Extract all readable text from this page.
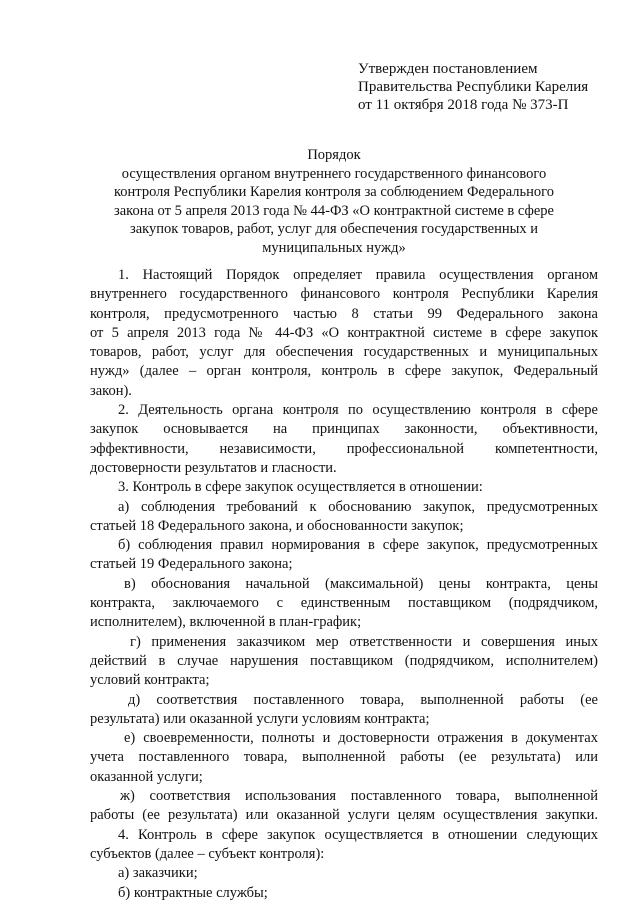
Утвержден постановлением
Правительства Республики Карелия
от 11 октября 2018 года № 373-П
Порядок
осуществления органом внутреннего государственного финансового
контроля Республики Карелия контроля за соблюдением Федерального
закона от 5 апреля 2013 года № 44-ФЗ «О контрактной системе в сфере
закупок товаров, работ, услуг для обеспечения государственных и
муниципальных нужд»
1. Настоящий Порядок определяет правила осуществления органом
внутреннего государственного финансового контроля Республики Карелия
контроля, предусмотренного частью 8 статьи 99 Федерального закона
от 5 апреля 2013 года № 44-ФЗ «О контрактной системе в сфере закупок
товаров, работ, услуг для обеспечения государственных и муниципальных
нужд» (далее – орган контроля, контроль в сфере закупок, Федеральный
закон).
2. Деятельность органа контроля по осуществлению контроля в сфере
закупок основывается на принципах законности, объективности,
эффективности, независимости, профессиональной компетентности,
достоверности результатов и гласности.
3. Контроль в сфере закупок осуществляется в отношении:
а) соблюдения требований к обоснованию закупок, предусмотренных
статьей 18 Федерального закона, и обоснованности закупок;
б) соблюдения правил нормирования в сфере закупок, предусмотренных
статьей 19 Федерального закона;
в) обоснования начальной (максимальной) цены контракта, цены
контракта, заключаемого с единственным поставщиком (подрядчиком,
исполнителем), включенной в план-график;
г) применения заказчиком мер ответственности и совершения иных
действий в случае нарушения поставщиком (подрядчиком, исполнителем)
условий контракта;
д) соответствия поставленного товара, выполненной работы (ее
результата) или оказанной услуги условиям контракта;
е) своевременности, полноты и достоверности отражения в документах
учета поставленного товара, выполненной работы (ее результата) или
оказанной услуги;
ж) соответствия использования поставленного товара, выполненной
работы (ее результата) или оказанной услуги целям осуществления закупки.
4. Контроль в сфере закупок осуществляется в отношении следующих
субъектов (далее – субъект контроля):
а) заказчики;
б) контрактные службы;
